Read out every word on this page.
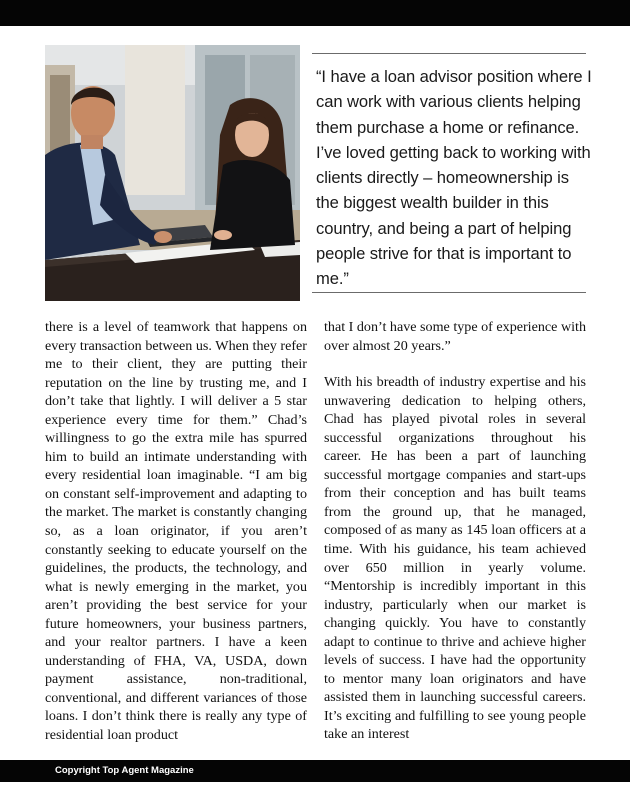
“I have a loan advisor position where I can work with various clients helping them purchase a home or refinance. I’ve loved getting back to working with clients directly – homeownership is the biggest wealth builder in this country, and being a part of helping people strive for that is important to me.”

there is a level of teamwork that happens on every transaction between us. When they refer me to their client, they are putting their reputation on the line by trusting me, and I don’t take that lightly. I will deliver a 5 star experience every time for them.” Chad’s willingness to go the extra mile has spurred him to build an intimate understanding with every residential loan imaginable. “I am big on constant self-improvement and adapting to the market. The market is constantly changing so, as a loan originator, if you aren’t constantly seeking to educate yourself on the guidelines, the products, the technology, and what is newly emerging in the market, you aren’t providing the best service for your future homeowners, your business partners, and your realtor partners. I have a keen understanding of FHA, VA, USDA, down payment assistance, non-traditional, conventional, and different variances of those loans. I don’t think there is really any type of residential loan product

that I don’t have some type of experience with over almost 20 years.”

With his breadth of industry expertise and his unwavering dedication to helping others, Chad has played pivotal roles in several successful organizations throughout his career. He has been a part of launching successful mortgage companies and start-ups from their conception and has built teams from the ground up, that he managed, composed of as many as 145 loan officers at a time. With his guidance, his team achieved over 650 million in yearly volume. “Mentorship is incredibly important in this industry, particularly when our market is changing quickly. You have to constantly adapt to continue to thrive and achieve higher levels of success. I have had the opportunity to mentor many loan originators and have assisted them in launching successful careers. It’s exciting and fulfilling to see young people take an interest

Copyright Top Agent Magazine
